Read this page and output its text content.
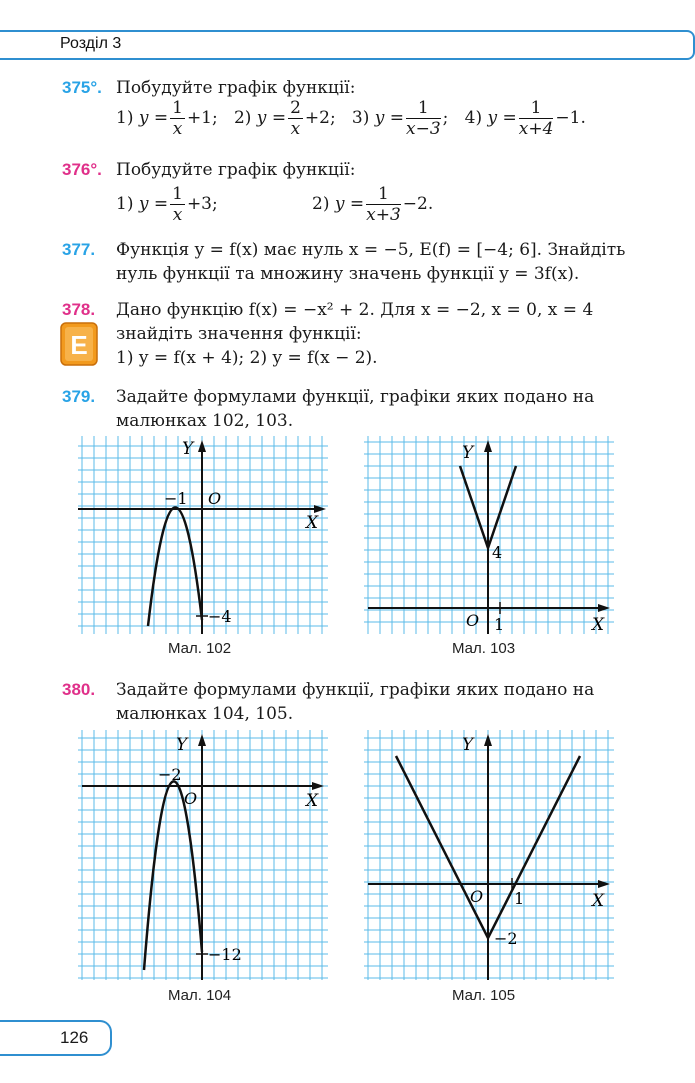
Розділ 3
375°. Побудуйте графік функції:
1) $y = \frac{1}{x} +1$; 2) $y = \frac{2}{x} +2$; 3) $y = \frac{1}{x-3}$ ; 4) $y = \frac{1}{x+4} -1$.
376°. Побудуйте графік функції:
1) $y = \frac{1}{x} +3$;	2) $y = \frac{1}{x+3} -2$.
377. Функція y = f(x) має нуль x = −5, E(f) = [−4; 6]. Знайдіть
нуль функції та множину значень функції y = 3f(x).
378.
E
Дано функцію f(x) = −x² + 2. Для x = −2, x = 0, x = 4
знайдіть значення функції:
1) y = f(x + 4); 2) y = f(x − 2).
379. Задайте формулами функції, графіки яких подано на
малюнках 102, 103.
Y
X
O
−1
−4
Мал. 102
Y
X
O 1
4
Мал. 103
380. Задайте формулами функції, графіки яких подано на
малюнках 104, 105.
Y
X
O
−2
−12
Мал. 104
Y
X
O 1
−2
Мал. 105
126
